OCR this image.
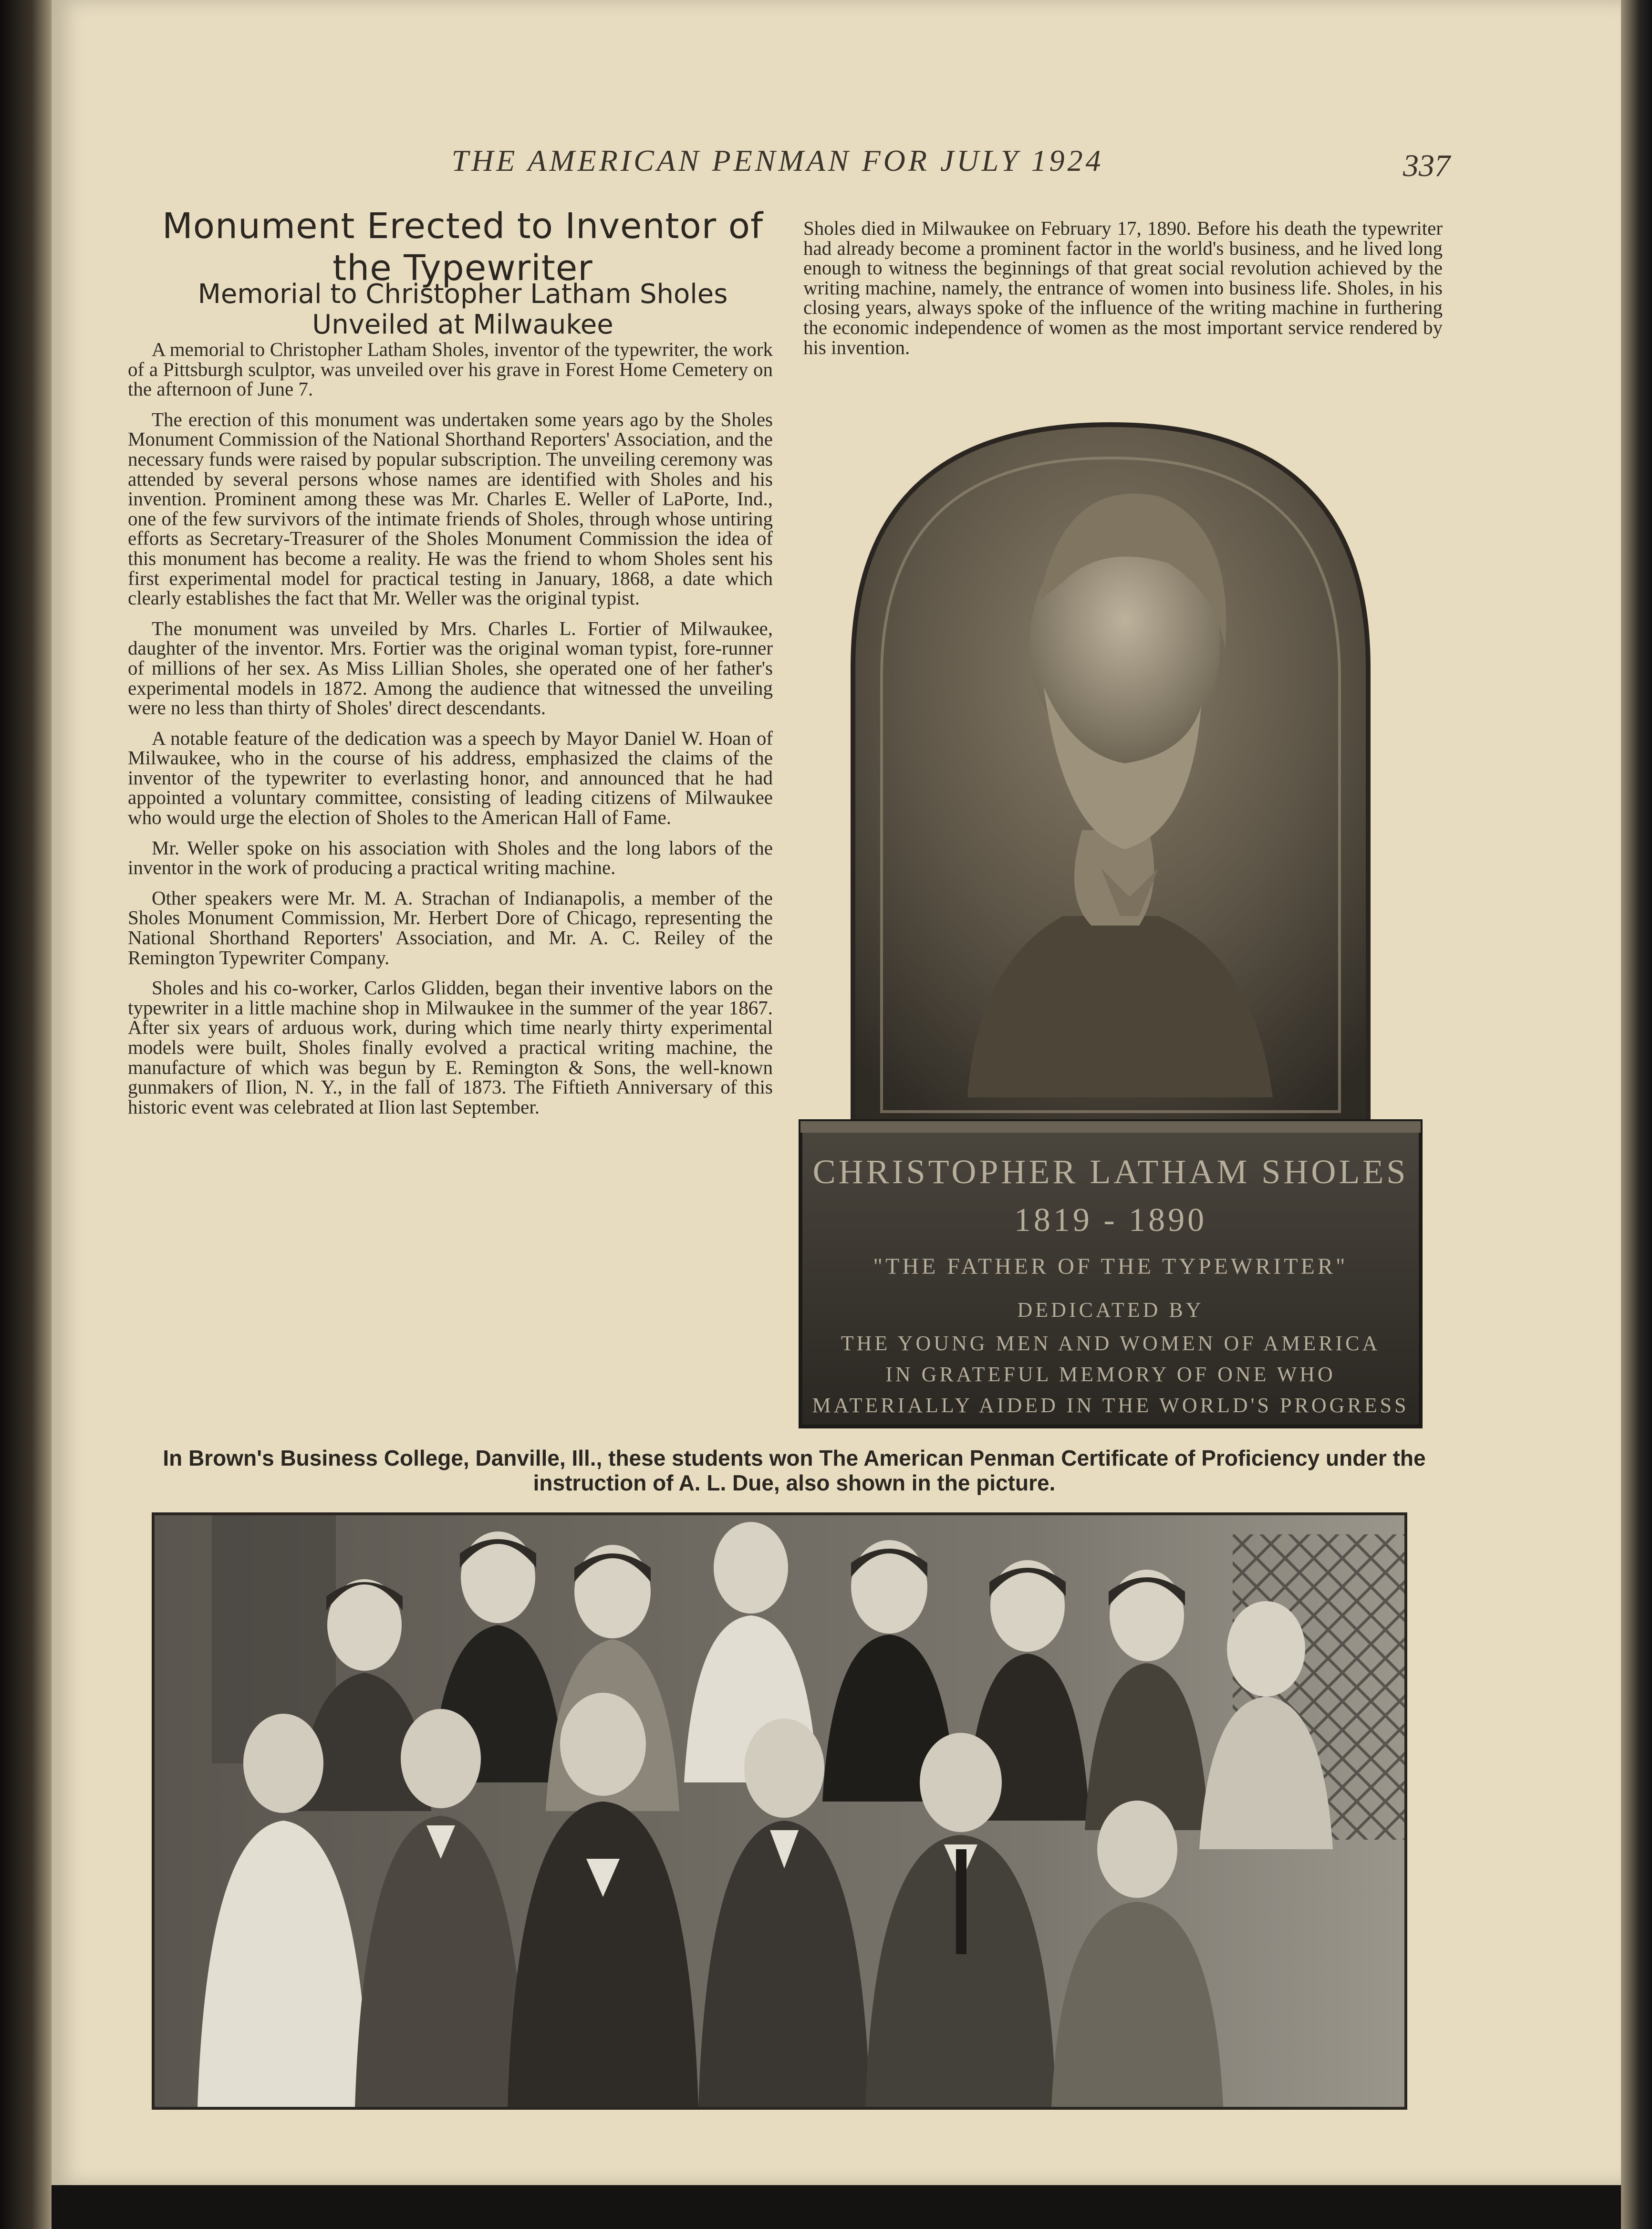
THE AMERICAN PENMAN FOR JULY 1924	337
Monument Erected to Inventor of the Typewriter
Memorial to Christopher Latham Sholes Unveiled at Milwaukee

A memorial to Christopher Latham Sholes, inventor of the typewriter, the work of a Pittsburgh sculptor, was unveiled over his grave in Forest Home Cemetery on the afternoon of June 7.

The erection of this monument was undertaken some years ago by the Sholes Monument Commission of the National Shorthand Reporters' Association, and the necessary funds were raised by popular subscription. The unveiling ceremony was attended by several persons whose names are identified with Sholes and his invention. Prominent among these was Mr. Charles E. Weller of LaPorte, Ind., one of the few survivors of the intimate friends of Sholes, through whose untiring efforts as Secretary-Treasurer of the Sholes Monument Commission the idea of this monument has become a reality. He was the friend to whom Sholes sent his first experimental model for practical testing in January, 1868, a date which clearly establishes the fact that Mr. Weller was the original typist.

The monument was unveiled by Mrs. Charles L. Fortier of Milwaukee, daughter of the inventor. Mrs. Fortier was the original woman typist, fore-runner of millions of her sex. As Miss Lillian Sholes, she operated one of her father's experimental models in 1872. Among the audience that witnessed the unveiling were no less than thirty of Sholes' direct descendants.

A notable feature of the dedication was a speech by Mayor Daniel W. Hoan of Milwaukee, who in the course of his address, emphasized the claims of the inventor of the typewriter to everlasting honor, and announced that he had appointed a voluntary committee, consisting of leading citizens of Milwaukee who would urge the election of Sholes to the American Hall of Fame.

Mr. Weller spoke on his association with Sholes and the long labors of the inventor in the work of producing a practical writing machine.

Other speakers were Mr. M. A. Strachan of Indianapolis, a member of the Sholes Monument Commission, Mr. Herbert Dore of Chicago, representing the National Shorthand Reporters' Association, and Mr. A. C. Reiley of the Remington Typewriter Company.

Sholes and his co-worker, Carlos Glidden, began their inventive labors on the typewriter in a little machine shop in Milwaukee in the summer of the year 1867. After six years of arduous work, during which time nearly thirty experimental models were built, Sholes finally evolved a practical writing machine, the manufacture of which was begun by E. Remington & Sons, the well-known gunmakers of Ilion, N. Y., in the fall of 1873. The Fiftieth Anniversary of this historic event was celebrated at Ilion last September.

Sholes died in Milwaukee on February 17, 1890. Before his death the typewriter had already become a prominent factor in the world's business, and he lived long enough to witness the beginnings of that great social revolution achieved by the writing machine, namely, the entrance of women into business life. Sholes, in his closing years, always spoke of the influence of the writing machine in furthering the economic independence of women as the most important service rendered by his invention.

CHRISTOPHER LATHAM SHOLES
1819 - 1890
"THE FATHER OF THE TYPEWRITER"
DEDICATED BY
THE YOUNG MEN AND WOMEN OF AMERICA
IN GRATEFUL MEMORY OF ONE WHO
MATERIALLY AIDED IN THE WORLD'S PROGRESS
In Brown's Business College, Danville, Ill., these students won The American Penman Certificate of Proficiency under the instruction of A. L. Due, also shown in the picture.
